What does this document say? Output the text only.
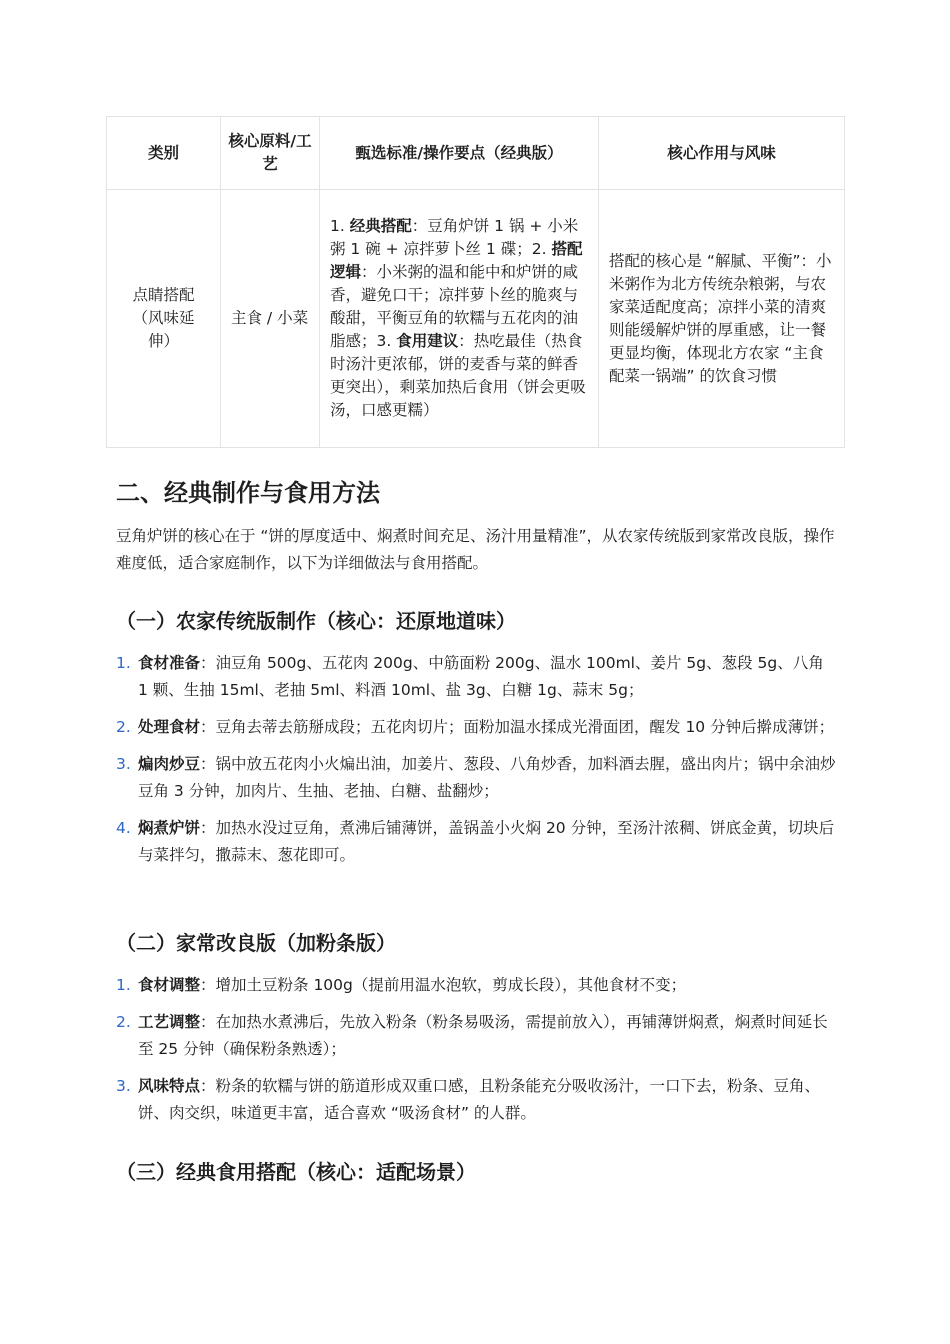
类别	核心原料/工艺	甄选标准/操作要点（经典版）	核心作用与风味
点睛搭配（风味延伸）	主食 / 小菜	1. 经典搭配：豆角炉饼 1 锅 + 小米粥 1 碗 + 凉拌萝卜丝 1 碟；2. 搭配逻辑：小米粥的温和能中和炉饼的咸香，避免口干；凉拌萝卜丝的脆爽与酸甜，平衡豆角的软糯与五花肉的油脂感；3. 食用建议：热吃最佳（热食时汤汁更浓郁，饼的麦香与菜的鲜香更突出），剩菜加热后食用（饼会更吸汤，口感更糯）	搭配的核心是 “解腻、平衡”：小米粥作为北方传统杂粮粥，与农家菜适配度高；凉拌小菜的清爽则能缓解炉饼的厚重感，让一餐更显均衡，体现北方农家 “主食配菜一锅端” 的饮食习惯
二、经典制作与食用方法

豆角炉饼的核心在于 “饼的厚度适中、焖煮时间充足、汤汁用量精准”，从农家传统版到家常改良版，操作难度低，适合家庭制作，以下为详细做法与食用搭配。

（一）农家传统版制作（核心：还原地道味）
1. 食材准备：油豆角 500g、五花肉 200g、中筋面粉 200g、温水 100ml、姜片 5g、葱段 5g、八角 1 颗、生抽 15ml、老抽 5ml、料酒 10ml、盐 3g、白糖 1g、蒜末 5g；
2. 处理食材：豆角去蒂去筋掰成段；五花肉切片；面粉加温水揉成光滑面团，醒发 10 分钟后擀成薄饼；
3. 煸肉炒豆：锅中放五花肉小火煸出油，加姜片、葱段、八角炒香，加料酒去腥，盛出肉片；锅中余油炒豆角 3 分钟，加肉片、生抽、老抽、白糖、盐翻炒；
4. 焖煮炉饼：加热水没过豆角，煮沸后铺薄饼，盖锅盖小火焖 20 分钟，至汤汁浓稠、饼底金黄，切块后与菜拌匀，撒蒜末、葱花即可。
（二）家常改良版（加粉条版）
1. 食材调整：增加土豆粉条 100g（提前用温水泡软，剪成长段），其他食材不变；
2. 工艺调整：在加热水煮沸后，先放入粉条（粉条易吸汤，需提前放入），再铺薄饼焖煮，焖煮时间延长至 25 分钟（确保粉条熟透）；
3. 风味特点：粉条的软糯与饼的筋道形成双重口感，且粉条能充分吸收汤汁，一口下去，粉条、豆角、饼、肉交织，味道更丰富，适合喜欢 “吸汤食材” 的人群。
（三）经典食用搭配（核心：适配场景）
